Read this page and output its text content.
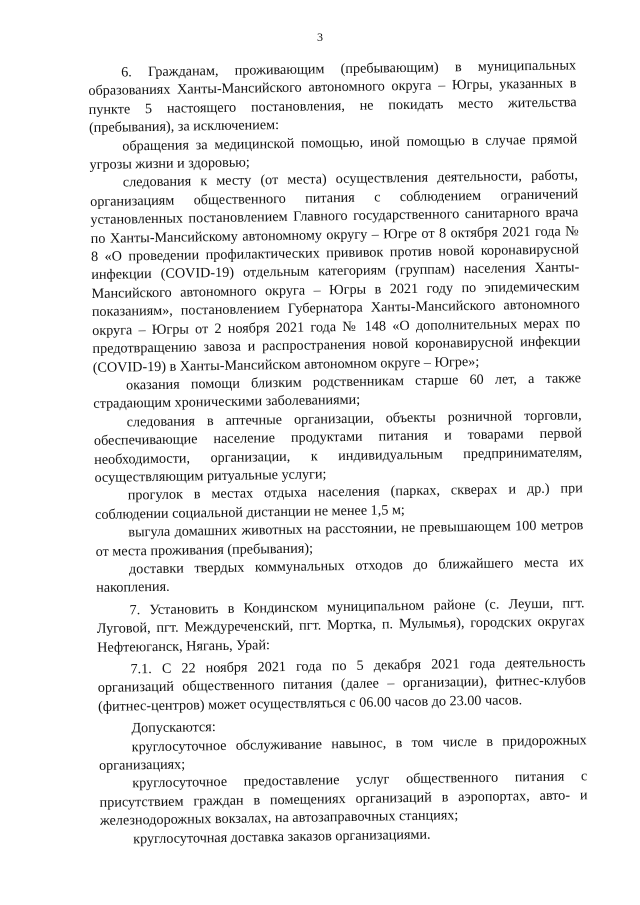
3

6. Гражданам, проживающим (пребывающим) в муниципальных образованиях Ханты-Мансийского автономного округа – Югры, указанных в пункте 5 настоящего постановления, не покидать место жительства (пребывания), за исключением:

обращения за медицинской помощью, иной помощью в случае прямой угрозы жизни и здоровью;

следования к месту (от места) осуществления деятельности, работы, организациям общественного питания с соблюдением ограничений установленных постановлением Главного государственного санитарного врача по Ханты-Мансийскому автономному округу – Югре от 8 октября 2021 года № 8 «О проведении профилактических прививок против новой коронавирусной инфекции (COVID-19) отдельным категориям (группам) населения Ханты-Мансийского автономного округа – Югры в 2021 году по эпидемическим показаниям», постановлением Губернатора Ханты-Мансийского автономного округа – Югры от 2 ноября 2021 года № 148 «О дополнительных мерах по предотвращению завоза и распространения новой коронавирусной инфекции (COVID-19) в Ханты-Мансийском автономном округе – Югре»;

оказания помощи близким родственникам старше 60 лет, а также страдающим хроническими заболеваниями;

следования в аптечные организации, объекты розничной торговли, обеспечивающие население продуктами питания и товарами первой необходимости, организации, к индивидуальным предпринимателям, осуществляющим ритуальные услуги;

прогулок в местах отдыха населения (парках, скверах и др.) при соблюдении социальной дистанции не менее 1,5 м;

выгула домашних животных на расстоянии, не превышающем 100 метров от места проживания (пребывания);

доставки твердых коммунальных отходов до ближайшего места их накопления.

7. Установить в Кондинском муниципальном районе (с. Леуши, пгт. Луговой, пгт. Междуреченский, пгт. Мортка, п. Мулымья), городских округах Нефтеюганск, Нягань, Урай:

7.1. С 22 ноября 2021 года по 5 декабря 2021 года деятельность организаций общественного питания (далее – организации), фитнес-клубов (фитнес-центров) может осуществляться с 06.00 часов до 23.00 часов.

Допускаются:

круглосуточное обслуживание навынос, в том числе в придорожных организациях;

круглосуточное предоставление услуг общественного питания с присутствием граждан в помещениях организаций в аэропортах, авто- и железнодорожных вокзалах, на автозаправочных станциях;

круглосуточная доставка заказов организациями.
